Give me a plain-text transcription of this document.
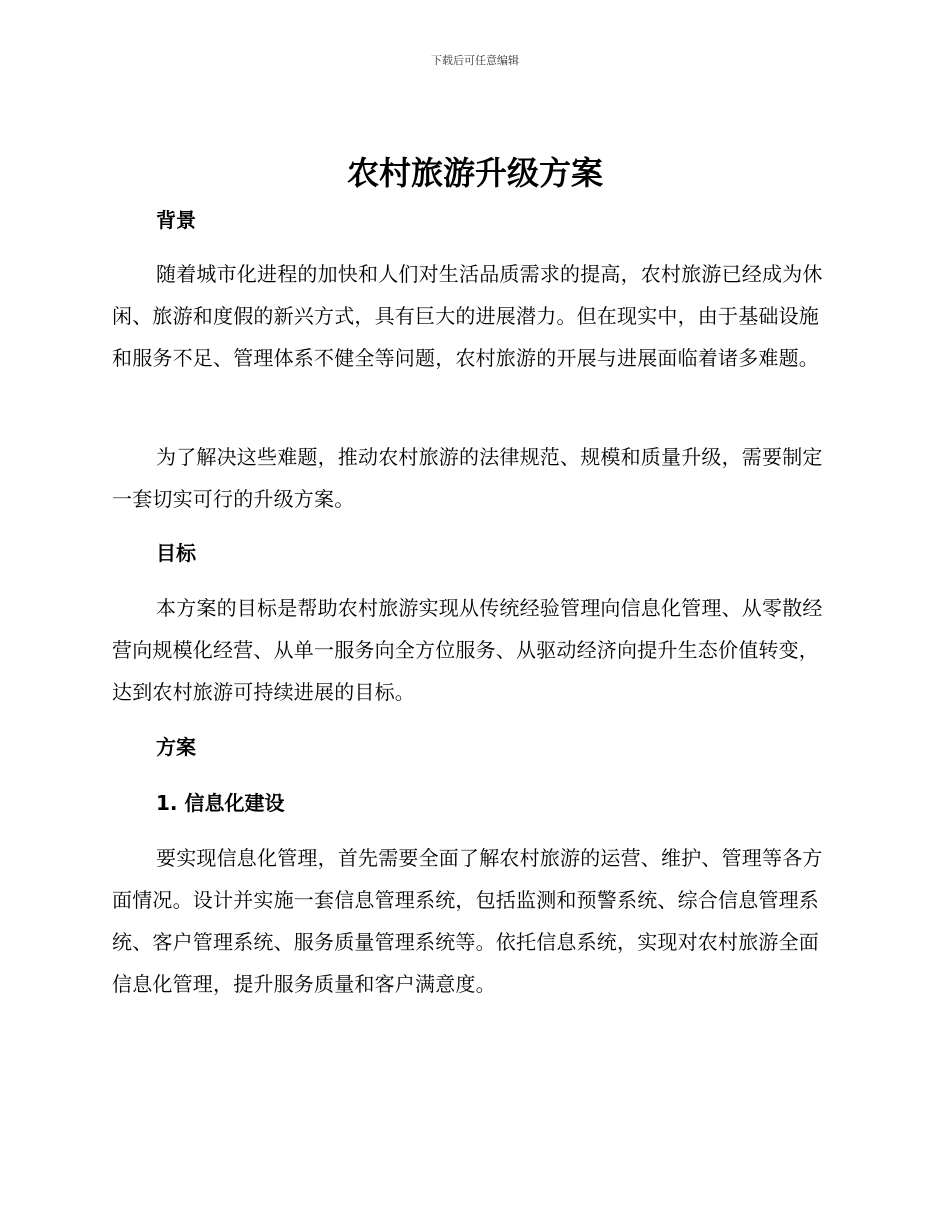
下载后可任意编辑
农村旅游升级方案
背景

随着城市化进程的加快和人们对生活品质需求的提高，农村旅游已经成为休闲、旅游和度假的新兴方式，具有巨大的进展潜力。但在现实中，由于基础设施和服务不足、管理体系不健全等问题，农村旅游的开展与进展面临着诸多难题。

为了解决这些难题，推动农村旅游的法律规范、规模和质量升级，需要制定一套切实可行的升级方案。

目标

本方案的目标是帮助农村旅游实现从传统经验管理向信息化管理、从零散经营向规模化经营、从单一服务向全方位服务、从驱动经济向提升生态价值转变，达到农村旅游可持续进展的目标。

方案
1. 信息化建设

要实现信息化管理，首先需要全面了解农村旅游的运营、维护、管理等各方面情况。设计并实施一套信息管理系统，包括监测和预警系统、综合信息管理系统、客户管理系统、服务质量管理系统等。依托信息系统，实现对农村旅游全面信息化管理，提升服务质量和客户满意度。
